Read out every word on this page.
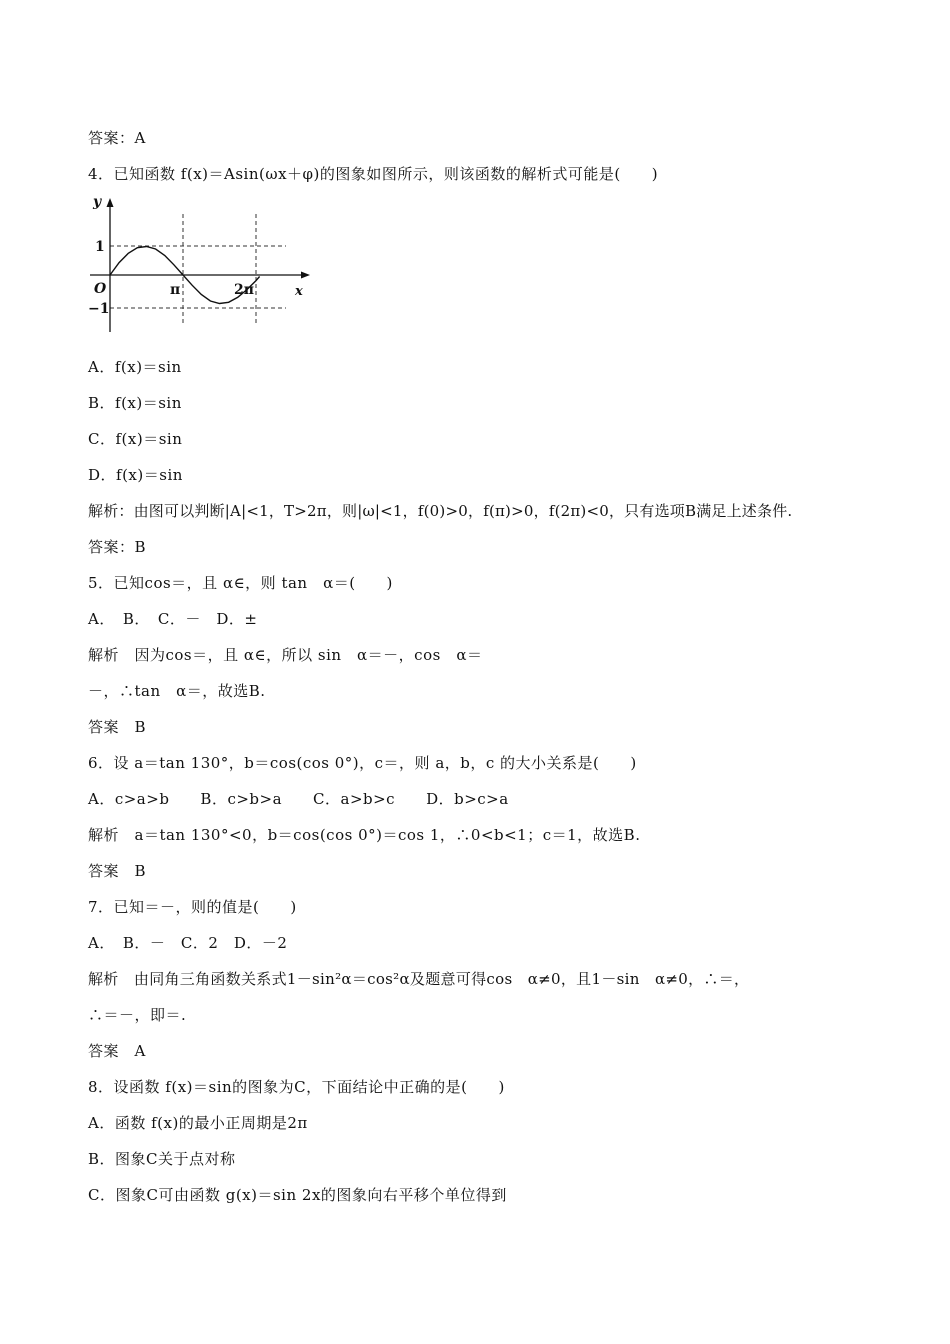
答案：A
4．已知函数 f(x)＝Asin(ωx＋φ)的图象如图所示，则该函数的解析式可能是(　　)
y
x
O
1
−1
π	2π
A．f(x)＝sin
B．f(x)＝sin
C．f(x)＝sin
D．f(x)＝sin
解析：由图可以判断|A|<1，T>2π，则|ω|<1，f(0)>0，f(π)>0，f(2π)<0，只有选项B满足上述条件.
答案：B
5．已知cos＝，且 α∈，则 tan　α＝(　　)
A．　B．　C．－　D．±
解析　因为cos＝，且 α∈，所以 sin　α＝－，cos　α＝
－，∴tan　α＝，故选B.
答案　B
6．设 a＝tan 130°，b＝cos(cos 0°)，c＝，则 a，b，c 的大小关系是(　　)
A．c>a>b　　B．c>b>a　　C．a>b>c　　D．b>c>a
解析　a＝tan 130°<0，b＝cos(cos 0°)＝cos 1，∴0<b<1；c＝1，故选B.
答案　B
7．已知＝－，则的值是(　　)
A．　B．－　C．2　D．－2
解析　由同角三角函数关系式1－sin²α＝cos²α及题意可得cos　α≠0，且1－sin　α≠0，∴＝，
∴＝－，即＝.
答案　A
8．设函数 f(x)＝sin的图象为C，下面结论中正确的是(　　)
A．函数 f(x)的最小正周期是2π
B．图象C关于点对称
C．图象C可由函数 g(x)＝sin 2x的图象向右平移个单位得到
